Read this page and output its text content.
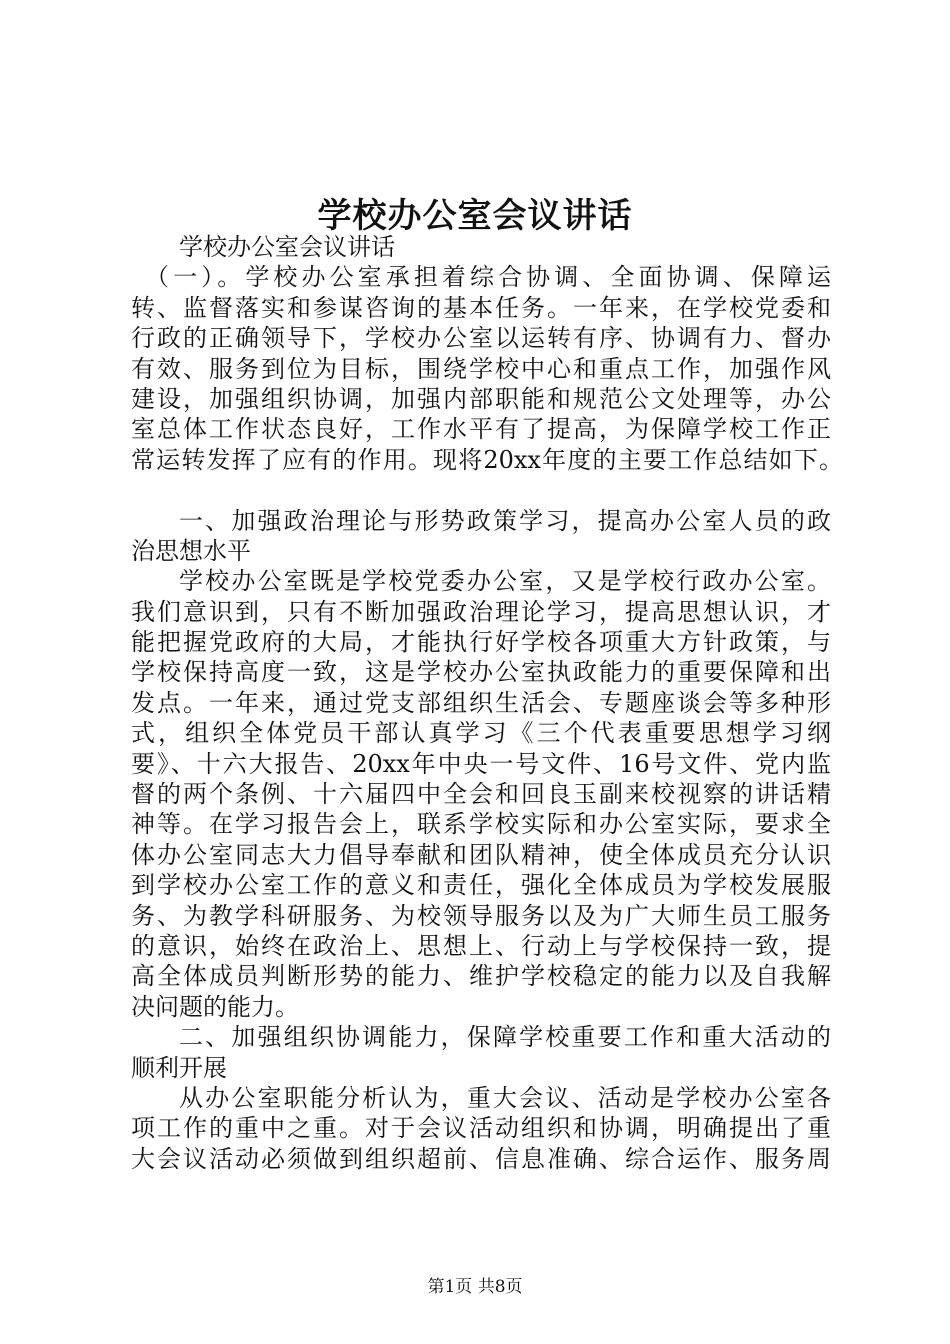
学校办公室会议讲话
学校办公室会议讲话
（一）。学校办公室承担着综合协调、全面协调、保障运
转、监督落实和参谋咨询的基本任务。一年来，在学校党委和
行政的正确领导下，学校办公室以运转有序、协调有力、督办
有效、服务到位为目标，围绕学校中心和重点工作，加强作风
建设，加强组织协调，加强内部职能和规范公文处理等，办公
室总体工作状态良好，工作水平有了提高，为保障学校工作正
常运转发挥了应有的作用。现将20xx年度的主要工作总结如下。
一、加强政治理论与形势政策学习，提高办公室人员的政
治思想水平
学校办公室既是学校党委办公室，又是学校行政办公室。
我们意识到，只有不断加强政治理论学习，提高思想认识，才
能把握党政府的大局，才能执行好学校各项重大方针政策，与
学校保持高度一致，这是学校办公室执政能力的重要保障和出
发点。一年来，通过党支部组织生活会、专题座谈会等多种形
式，组织全体党员干部认真学习《三个代表重要思想学习纲
要》、十六大报告、20xx年中央一号文件、16号文件、党内监
督的两个条例、十六届四中全会和回良玉副来校视察的讲话精
神等。在学习报告会上，联系学校实际和办公室实际，要求全
体办公室同志大力倡导奉献和团队精神，使全体成员充分认识
到学校办公室工作的意义和责任，强化全体成员为学校发展服
务、为教学科研服务、为校领导服务以及为广大师生员工服务
的意识，始终在政治上、思想上、行动上与学校保持一致，提
高全体成员判断形势的能力、维护学校稳定的能力以及自我解
决问题的能力。
二、加强组织协调能力，保障学校重要工作和重大活动的
顺利开展
从办公室职能分析认为，重大会议、活动是学校办公室各
项工作的重中之重。对于会议活动组织和协调，明确提出了重
大会议活动必须做到组织超前、信息准确、综合运作、服务周
第1页 共8页
